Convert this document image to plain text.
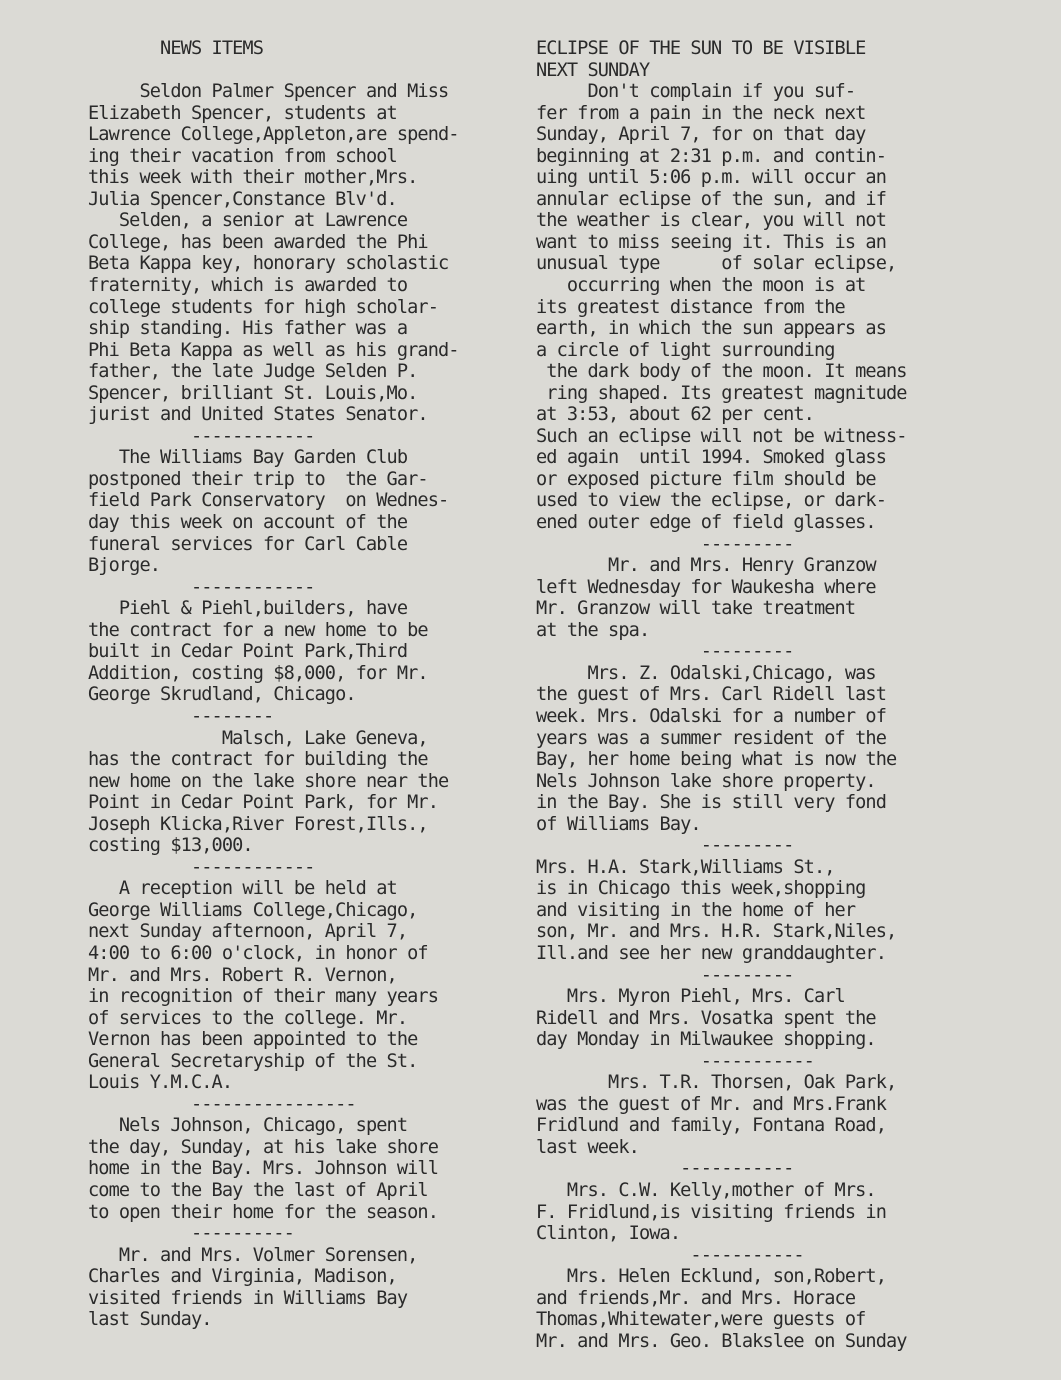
NEWS ITEMS
Seldon Palmer Spencer and Miss
Elizabeth Spencer, students at
Lawrence College,Appleton,are spend-
ing their vacation from school
this week with their mother,Mrs.
Julia Spencer,Constance Blv'd.
Selden, a senior at Lawrence
College, has been awarded the Phi
Beta Kappa key, honorary scholastic
fraternity, which is awarded to
college students for high scholar-
ship standing. His father was a
Phi Beta Kappa as well as his grand-
father, the late Judge Selden P.
Spencer, brilliant St. Louis,Mo.
jurist and United States Senator.
------------
The Williams Bay Garden Club
postponed their trip to  the Gar-
field Park Conservatory  on Wednes-
day this week on account of the
funeral services for Carl Cable
Bjorge.
------------
Piehl & Piehl,builders, have
the contract for a new home to be
built in Cedar Point Park,Third
Addition, costing $8,000, for Mr.
George Skrudland, Chicago.
--------
Malsch, Lake Geneva,
has the contract for building the
new home on the lake shore near the
Point in Cedar Point Park, for Mr.
Joseph Klicka,River Forest,Ills.,
costing $13,000.
------------
A reception will be held at
George Williams College,Chicago,
next Sunday afternoon, April 7,
4:00 to 6:00 o'clock, in honor of
Mr. and Mrs. Robert R. Vernon,
in recognition of their many years
of services to the college. Mr.
Vernon has been appointed to the
General Secretaryship of the St.
Louis Y.M.C.A.
----------------
Nels Johnson, Chicago, spent
the day, Sunday, at his lake shore
home in the Bay. Mrs. Johnson will
come to the Bay the last of April
to open their home for the season.
----------
Mr. and Mrs. Volmer Sorensen,
Charles and Virginia, Madison,
visited friends in Williams Bay
last Sunday.
ECLIPSE OF THE SUN TO BE VISIBLE
NEXT SUNDAY
Don't complain if you suf-
fer from a pain in the neck next
Sunday, April 7, for on that day
beginning at 2:31 p.m. and contin-
uing until 5:06 p.m. will occur an
annular eclipse of the sun, and if
the weather is clear, you will not
want to miss seeing it. This is an
unusual type      of solar eclipse,
occurring when the moon is at
its greatest distance from the
earth, in which the sun appears as
a circle of light surrounding
the dark body of the moon. It means
ring shaped. Its greatest magnitude
at 3:53, about 62 per cent.
Such an eclipse will not be witness-
ed again  until 1994. Smoked glass
or exposed picture film should be
used to view the eclipse, or dark-
ened outer edge of field glasses.
---------
Mr. and Mrs. Henry Granzow
left Wednesday for Waukesha where
Mr. Granzow will take treatment
at the spa.
---------
Mrs. Z. Odalski,Chicago, was
the guest of Mrs. Carl Ridell last
week. Mrs. Odalski for a number of
years was a summer resident of the
Bay, her home being what is now the
Nels Johnson lake shore property.
in the Bay. She is still very fond
of Williams Bay.
---------
Mrs. H.A. Stark,Williams St.,
is in Chicago this week,shopping
and visiting in the home of her
son, Mr. and Mrs. H.R. Stark,Niles,
Ill.and see her new granddaughter.
---------
Mrs. Myron Piehl, Mrs. Carl
Ridell and Mrs. Vosatka spent the
day Monday in Milwaukee shopping.
-----------
Mrs. T.R. Thorsen, Oak Park,
was the guest of Mr. and Mrs.Frank
Fridlund and family, Fontana Road,
last week.
-----------
Mrs. C.W. Kelly,mother of Mrs.
F. Fridlund,is visiting friends in
Clinton, Iowa.
-----------
Mrs. Helen Ecklund, son,Robert,
and friends,Mr. and Mrs. Horace
Thomas,Whitewater,were guests of
Mr. and Mrs. Geo. Blakslee on Sunday
